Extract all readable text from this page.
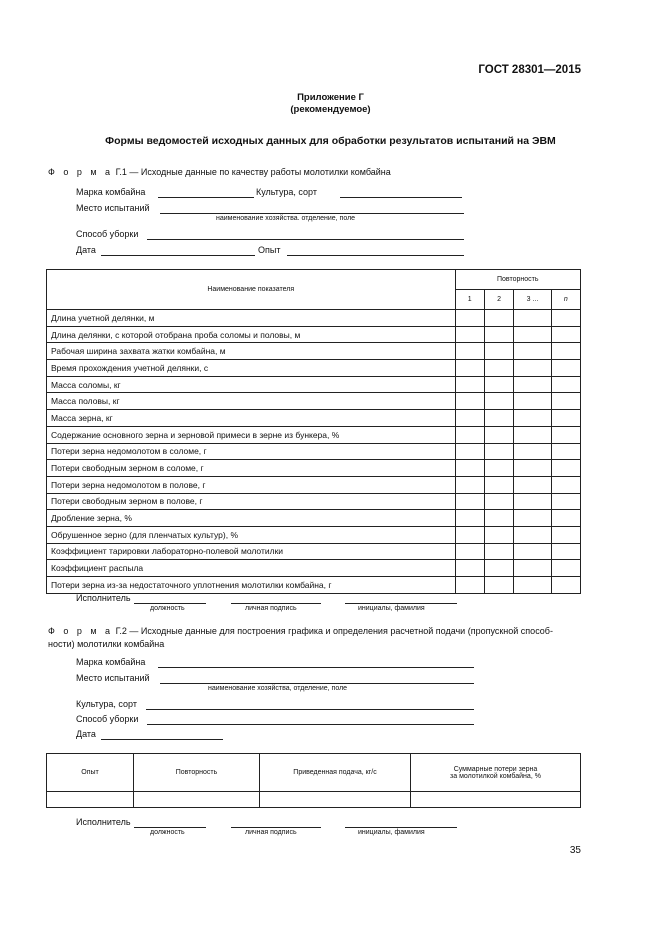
ГОСТ 28301—2015
Приложение Г
(рекомендуемое)
Формы ведомостей исходных данных для обработки результатов испытаний на ЭВМ
Ф о р м а Г.1 — Исходные данные по качеству работы молотилки комбайна
Марка комбайна	Культура, сорт
Место испытаний
наименование хозяйства. отделение, поле
Способ уборки
Дата	Опыт
Наименование показателя	Повторность			
	1	2	3 ...	n
Длина учетной делянки, м				
Длина делянки, с которой отобрана проба соломы и половы, м				
Рабочая ширина захвата жатки комбайна, м				
Время прохождения учетной делянки, с				
Масса соломы, кг				
Масса половы, кг				
Масса зерна, кг				
Содержание основного зерна и зерновой примеси в зерне из бункера, %				
Потери зерна недомолотом в соломе, г				
Потери свободным зерном в соломе, г				
Потери зерна недомолотом в полове, г				
Потери свободным зерном в полове, г				
Дробление зерна, %				
Обрушенное зерно (для пленчатых культур), %				
Коэффициент тарировки лабораторно-полевой молотилки				
Коэффициент распыла				
Потери зерна из-за недостаточного уплотнения молотилки комбайна, г				
Исполнитель
должность	личная подпись	инициалы, фамилия
Ф о р м а Г.2 — Исходные данные для построения графика и определения расчетной подачи (пропускной способ-
ности) молотилки комбайна
Марка комбайна
Место испытаний
наименование хозяйства, отделение, поле
Культура, сорт
Способ уборки
Дата
Опыт	Повторность	Приведенная подача, кг/с	Суммарные потери зерна
за молотилкой комбайна, %

Исполнитель
должность	личная подпись	инициалы, фамилия
35
